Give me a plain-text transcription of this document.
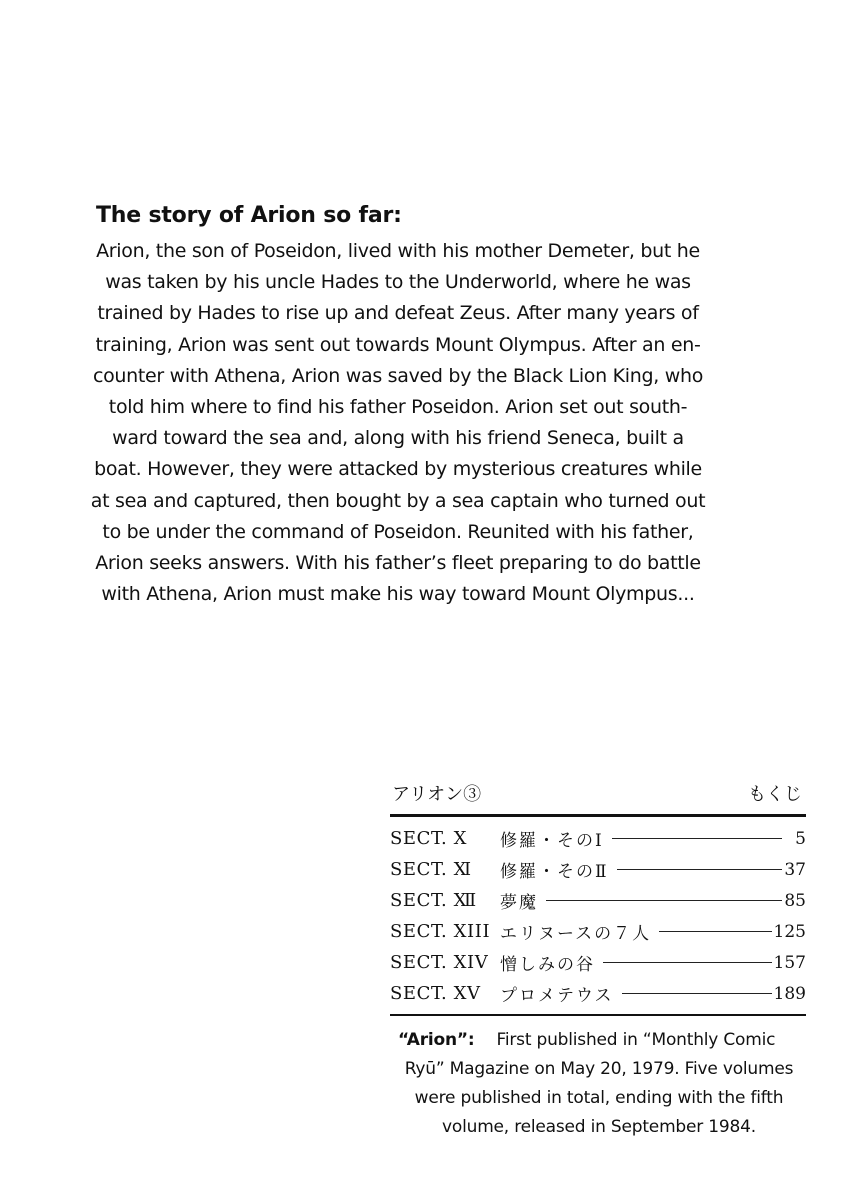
The story of Arion so far:
Arion, the son of Poseidon, lived with his mother Demeter, but he
was taken by his uncle Hades to the Underworld, where he was
trained by Hades to rise up and defeat Zeus. After many years of
training, Arion was sent out towards Mount Olympus. After an en-
counter with Athena, Arion was saved by the Black Lion King, who
told him where to find his father Poseidon. Arion set out south-
ward toward the sea and, along with his friend Seneca, built a
boat. However, they were attacked by mysterious creatures while
at sea and captured, then bought by a sea captain who turned out
to be under the command of Poseidon. Reunited with his father,
Arion seeks answers. With his father’s fleet preparing to do battle
with Athena, Arion must make his way toward Mount Olympus...
アリオン③	もくじ
SECT. Ⅹ	修羅・そのⅠ	5
SECT. Ⅺ	修羅・そのⅡ	37
SECT. Ⅻ	夢魔	85
SECT. XIII エリヌースの７人	125
SECT. XIV 憎しみの谷	157
SECT. XV	プロメテウス	189
“Arion”: First published in “Monthly Comic
Ryū” Magazine on May 20, 1979. Five volumes
were published in total, ending with the fifth
volume, released in September 1984.
